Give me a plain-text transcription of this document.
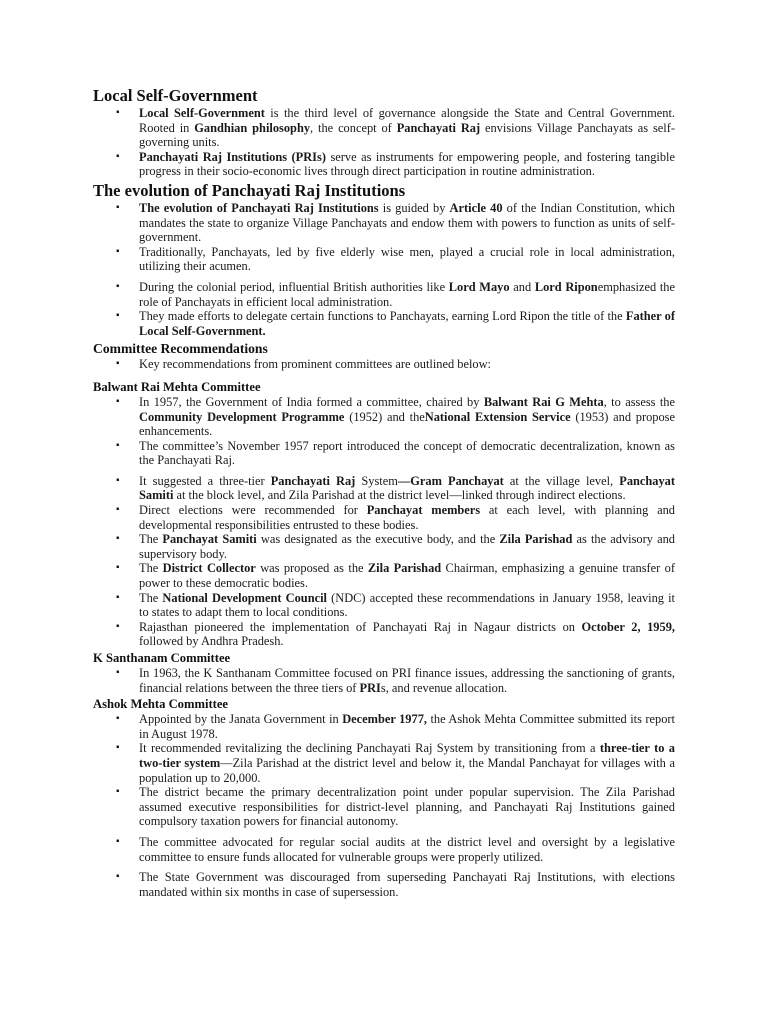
Local Self-Government
▪ Local Self-Government is the third level of governance alongside the State and Central Government. Rooted in Gandhian philosophy, the concept of Panchayati Raj envisions Village Panchayats as self-governing units.
▪ Panchayati Raj Institutions (PRIs) serve as instruments for empowering people, and fostering tangible progress in their socio-economic lives through direct participation in routine administration.
The evolution of Panchayati Raj Institutions
▪ The evolution of Panchayati Raj Institutions is guided by Article 40 of the Indian Constitution, which mandates the state to organize Village Panchayats and endow them with powers to function as units of self-government.
▪ Traditionally, Panchayats, led by five elderly wise men, played a crucial role in local administration, utilizing their acumen.
▪ During the colonial period, influential British authorities like Lord Mayo and Lord Riponemphasized the role of Panchayats in efficient local administration.
▪ They made efforts to delegate certain functions to Panchayats, earning Lord Ripon the title of the Father of Local Self-Government.
Committee Recommendations
▪ Key recommendations from prominent committees are outlined below:
Balwant Rai Mehta Committee
▪ In 1957, the Government of India formed a committee, chaired by Balwant Rai G Mehta, to assess the Community Development Programme (1952) and theNational Extension Service (1953) and propose enhancements.
▪ The committee’s November 1957 report introduced the concept of democratic decentralization, known as the Panchayati Raj.
▪ It suggested a three-tier Panchayati Raj System—Gram Panchayat at the village level, Panchayat Samiti at the block level, and Zila Parishad at the district level—linked through indirect elections.
▪ Direct elections were recommended for Panchayat members at each level, with planning and developmental responsibilities entrusted to these bodies.
▪ The Panchayat Samiti was designated as the executive body, and the Zila Parishad as the advisory and supervisory body.
▪ The District Collector was proposed as the Zila Parishad Chairman, emphasizing a genuine transfer of power to these democratic bodies.
▪ The National Development Council (NDC) accepted these recommendations in January 1958, leaving it to states to adapt them to local conditions.
▪ Rajasthan pioneered the implementation of Panchayati Raj in Nagaur districts on October 2, 1959, followed by Andhra Pradesh.
K Santhanam Committee
▪ In 1963, the K Santhanam Committee focused on PRI finance issues, addressing the sanctioning of grants, financial relations between the three tiers of PRIs, and revenue allocation.
Ashok Mehta Committee
▪ Appointed by the Janata Government in December 1977, the Ashok Mehta Committee submitted its report in August 1978.
▪ It recommended revitalizing the declining Panchayati Raj System by transitioning from a three-tier to a two-tier system—Zila Parishad at the district level and below it, the Mandal Panchayat for villages with a population up to 20,000.
▪ The district became the primary decentralization point under popular supervision. The Zila Parishad assumed executive responsibilities for district-level planning, and Panchayati Raj Institutions gained compulsory taxation powers for financial autonomy.
▪ The committee advocated for regular social audits at the district level and oversight by a legislative committee to ensure funds allocated for vulnerable groups were properly utilized.
▪ The State Government was discouraged from superseding Panchayati Raj Institutions, with elections mandated within six months in case of supersession.
